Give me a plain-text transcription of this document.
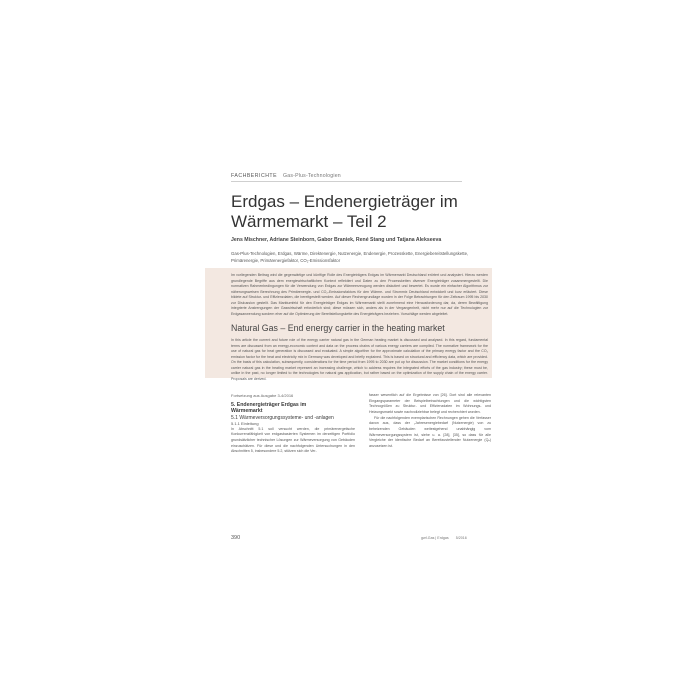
FACHBERICHTE Gas-Plus-Technologien
Erdgas – Endenergieträger im
Wärmemarkt – Teil 2
Jens Mischner, Adriane Steinborn, Gabor Braniek, René Stang und Tatjana Alekseeva
Gas-Plus-Technologien, Erdgas, Wärme, Direktenergie, Nutzenergie, Endenergie, Prozesskette, Energiebereitstellungskette, Primärenergie, Primärenergiefaktor, CO₂-Emissionsfaktor
Im vorliegenden Beitrag wird die gegenwärtige und künftige Rolle des Energieträgers Erdgas im Wärmemarkt Deutschland erörtert und analysiert. Hierzu werden grundlegende Begriffe aus dem energiewirtschaftlichen Kontext reflektiert und Daten zu den Prozessketten diverser Energieträger zusammengestellt. Die normativen Rahmenbedingungen für die Verwendung von Erdgas zur Wärmeerzeugung werden diskutiert und bewertet. Es wurde ein einfacher Algorithmus zur näherungsweisen Berechnung des Primärenergie- und CO₂-Emissionsfaktors für den Wärme- und Strommix Deutschland entwickelt und kurz erläutert. Diese bildete auf Struktur- und Effizienzdaten, die bereitgestellt werden. Auf dieser Rechengrundlage wurden in der Folge Betrachtungen für den Zeitraum 1995 bis 2030 zur Diskussion gestellt. Das Marktumfeld für den Energieträger Erdgas im Wärmemarkt stellt zunehmend eine Herausforderung dar, da, deren Bewältigung integrierte Anstrengungen der Gaswirtschaft erforderlich sind; diese müssen sich, anders als in der Vergangenheit, nicht mehr nur auf die Technologien zur Erdgasanwendung sondern eher auf die Optimierung der Bereitstellungskette des Energieträgers beziehen. Vorschläge werden abgeleitet.
Natural Gas – End energy carrier in the heating market
In this article the current and future role of the energy carrier natural gas in the German heating market is discussed and analysed. In this regard, fundamental terms are discussed from an energy-economic context and data on the process chains of various energy carriers are compiled. The normative framework for the use of natural gas for heat generation is discussed and evaluated. A simple algorithm for the approximate calculation of the primary energy factor and the CO₂ emission factor for the heat and electricity mix in Germany was developed and briefly explained. This is based on structural and efficiency data, which are provided. On the basis of this calculation, subsequently, considerations for the time period from 1995 to 2030 are put up for discussion. The market conditions for the energy carrier natural gas in the heating market represent an increasing challenge, which to address requires the integrated efforts of the gas industry; these must be, unlike in the past, no longer limited to the technologies for natural gas application, but rather based on the optimization of the supply chain of the energy carrier. Proposals are derived.
Fortsetzung aus Ausgabe 3-4/2016
5. Endenergieträger Erdgas im
Wärmemarkt
5.1 Wärmeversorgungssysteme- und -anlagen
5.1.1 Einleitung
In Abschnitt 5.1 soll versucht werden, die primärenergetische Konkurrenzfähigkeit von erdgasbasierten Systemen im derzeitigen Portfolio grundsätzlicher technischer Lösungen zur Wärmeversorgung von Gebäuden einzuschätzen. Für diese und die nachfolgenden Untersuchungen in den Abschnitten 5, insbesondere 5.2, stützen sich die Ver-
fasser wesentlich auf die Ergebnisse von [26]. Dort sind alle relevanten Eingangsparameter der Beispielbetrachtungen und die wichtigsten Technogrößen zu Struktur- und Effizienzdaten im Wohnungs- und Heizungsmarkt sowie nachvollziehbar belegt und recherchiert worden.
Für die nachfolgenden exemplarischen Rechnungen gehen die Verfasser davon aus, dass der „Jahresenergiebedarf (Nutzenergie) von zu beheizenden Gebäuden weitestgehend unabhängig vom Wärmeversorgungssystem ist, siehe u. a. [28], [35], so dass für alle Vergleiche der identische Bedarf an Bereitzustellender Nutzenergie (Qₙ) anzusetzen ist.
390	gwf-Gas | Erdgas 5/2016
